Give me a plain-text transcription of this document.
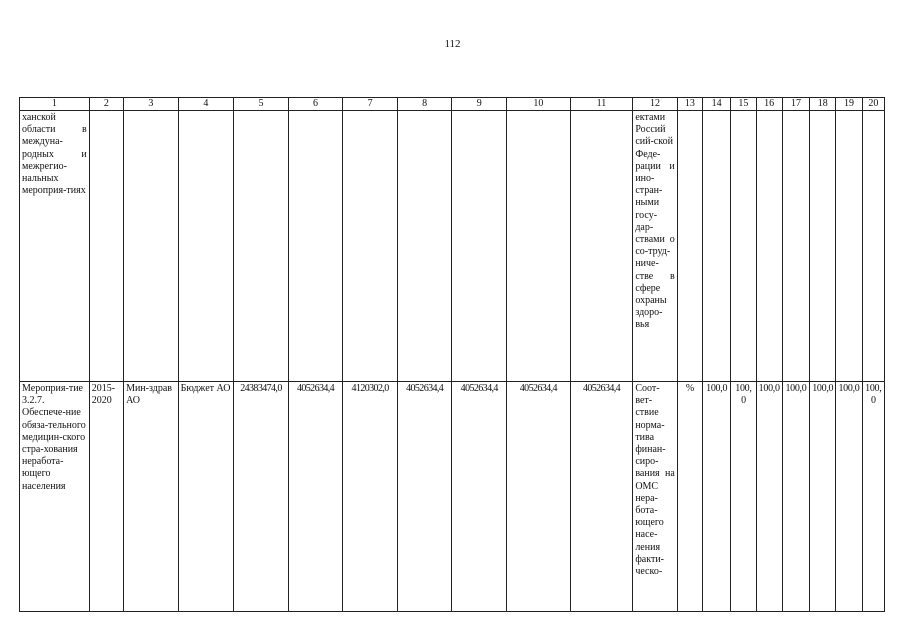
112
1	2	3	4	5	6	7	8	9	10	11	12	13	14	15	16	17	18	19	20
ханской области в междуна-родных и межрегио-нальных мероприя-тиях											ектами Россий сий-ской Феде-рации и ино-стран-ными госу-дар-ствами о со-труд-ниче-стве в сфере охраны здоро-вья								
Мероприя-тие 3.2.7. Обеспече-ние обяза-тельного медицин-ского стра-хования неработа-ющего населения	2015-2020	Мин-здрав АО	Бюджет АО	24383474,0	4052634,4	4120302,0	4052634,4	4052634,4	4052634,4	4052634,4	Соот-вет-ствие норма-тива финан-сиро-вания на ОМС нера-бота-ющего насе-ления факти-ческо-	%	100,0	100,0	100,0	100,0	100,0	100,0	100,0
